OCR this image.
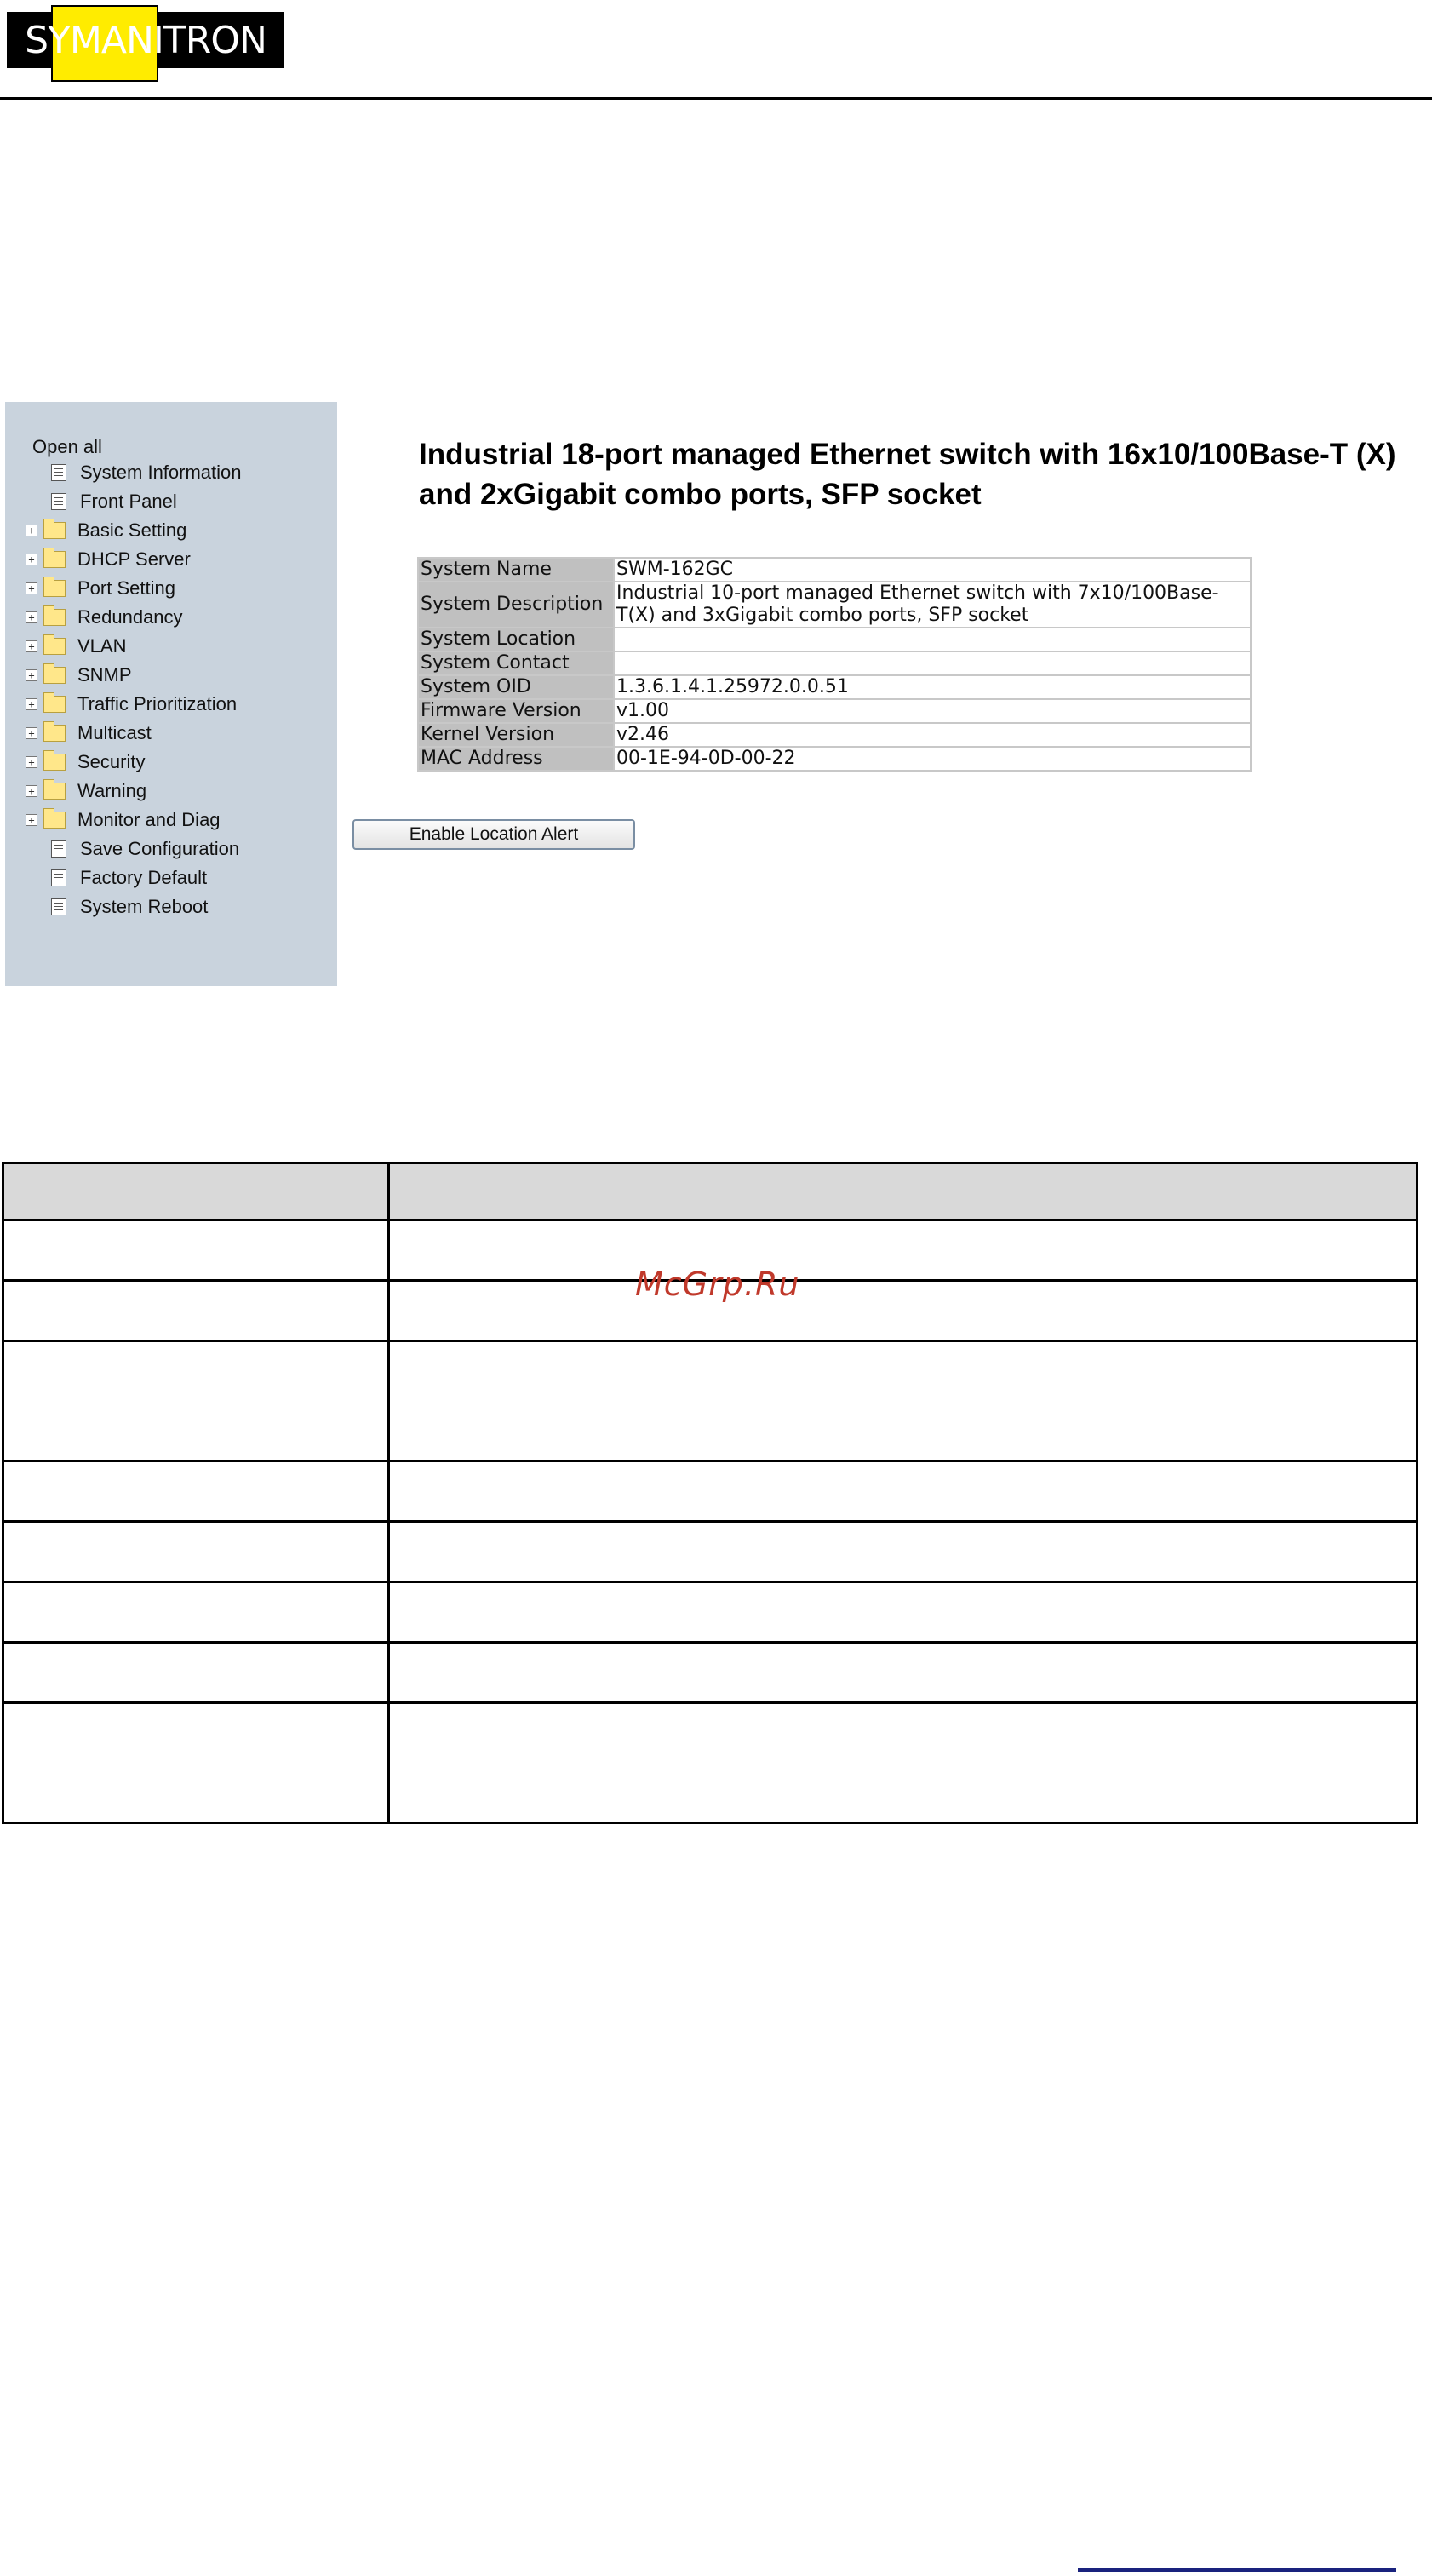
SYMANITRON
Open all
System Information
Front Panel
+ Basic Setting
+ DHCP Server
+ Port Setting
+ Redundancy
+ VLAN
+ SNMP
+ Traffic Prioritization
+ Multicast
+ Security
+ Warning
+ Monitor and Diag
Save Configuration
Factory Default
System Reboot
Industrial 18-port managed Ethernet switch with 16x10/100Base-T (X) and 2xGigabit combo ports, SFP socket
System Name	SWM-162GC
System Description	Industrial 10-port managed Ethernet switch with 7x10/100Base-T(X) and 3xGigabit combo ports, SFP socket
System Location	
System Contact	
System OID	1.3.6.1.4.1.25972.0.0.51
Firmware Version	v1.00
Kernel Version	v2.46
MAC Address	00-1E-94-0D-00-22
Enable Location Alert

McGrp.Ru
